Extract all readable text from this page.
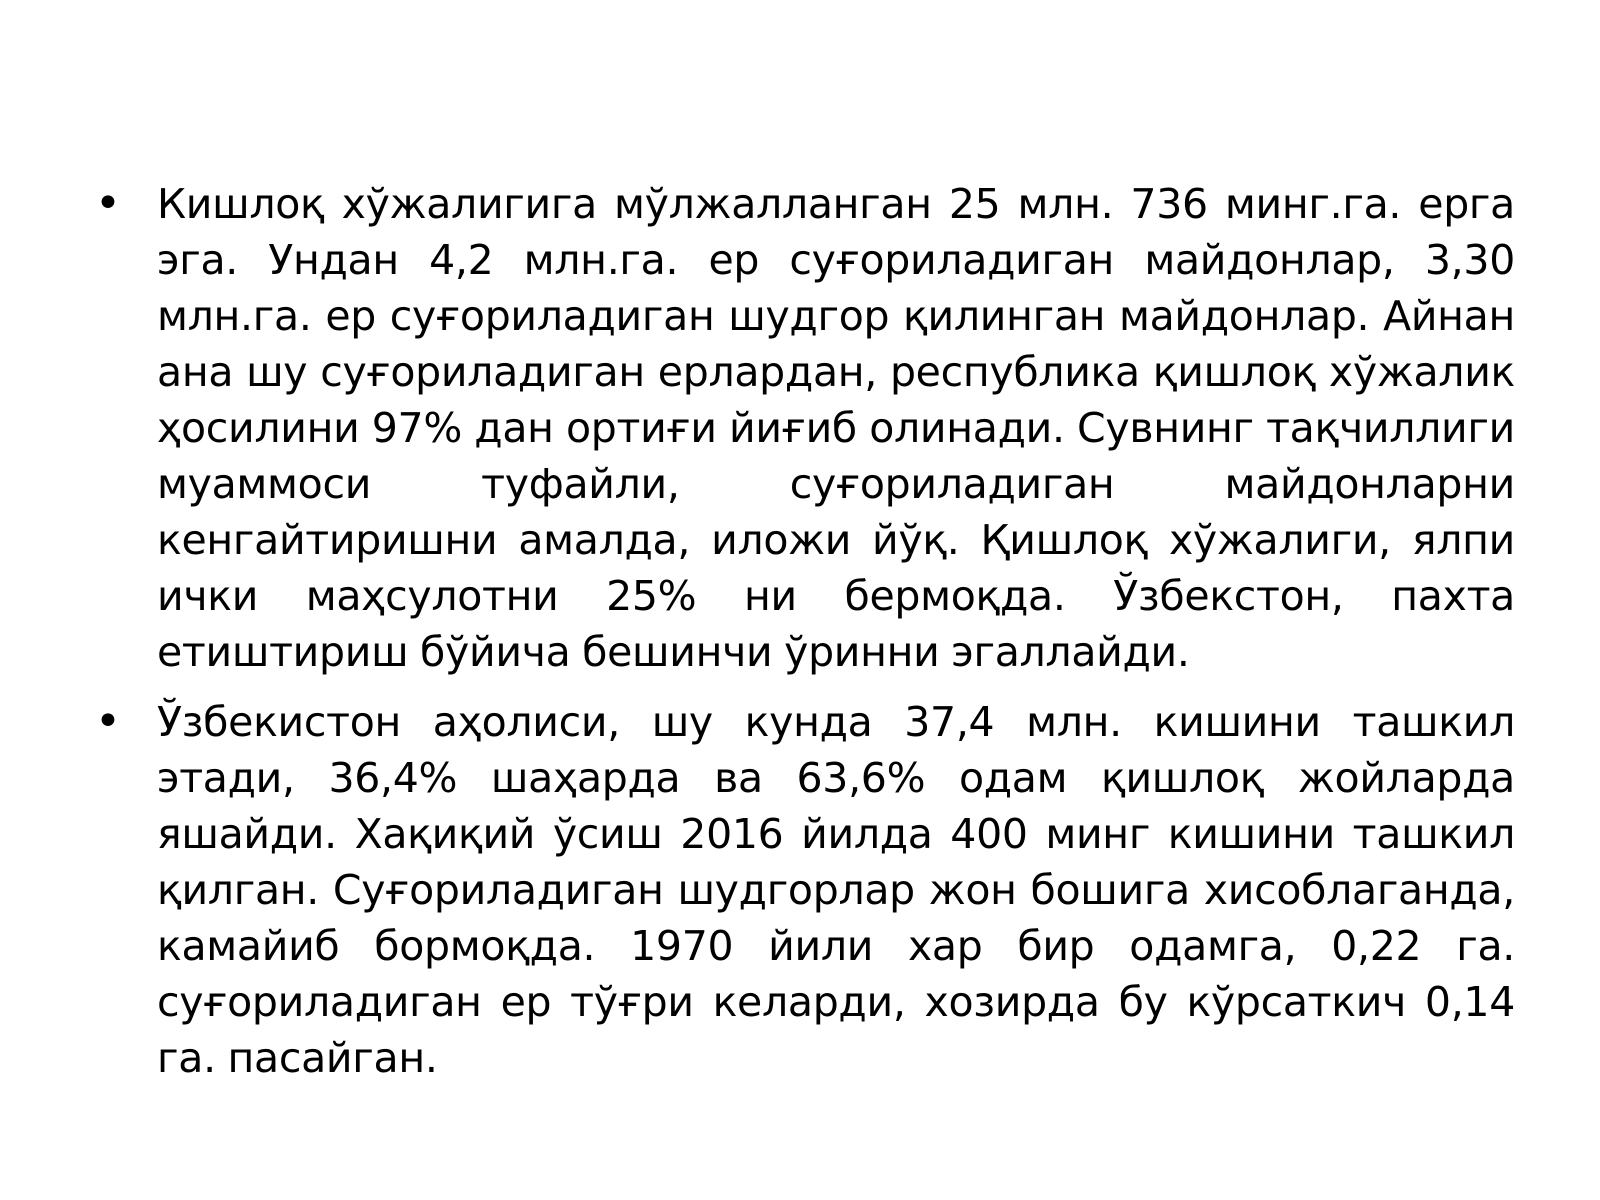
• Кишлоқ хўжалигига мўлжалланган 25 млн. 736 минг.га. ерга эга. Ундан 4,2 млн.га. ер суғориладиган майдонлар, 3,30 млн.га. ер суғориладиган шудгор қилинган майдонлар. Айнан ана шу суғориладиган ерлардан, республика қишлоқ хўжалик ҳосилини 97% дан ортиғи йиғиб олинади. Сувнинг тақчиллиги муаммоси туфайли, суғориладиган майдонларни кенгайтиришни амалда, иложи йўқ. Қишлоқ хўжалиги, ялпи ички маҳсулотни 25% ни бермоқда. Ўзбекстон, пахта етиштириш бўйича бешинчи ўринни эгаллайди.
• Ўзбекистон аҳолиси, шу кунда 37,4 млн. кишини ташкил этади, 36,4% шаҳарда ва 63,6% одам қишлоқ жойларда яшайди. Хақиқий ўсиш 2016 йилда 400 минг кишини ташкил қилган. Суғориладиган шудгорлар жон бошига хисоблаганда, камайиб бормоқда. 1970 йили хар бир одамга, 0,22 га. суғориладиган ер тўғри келарди, хозирда бу кўрсаткич 0,14 га. пасайган.
